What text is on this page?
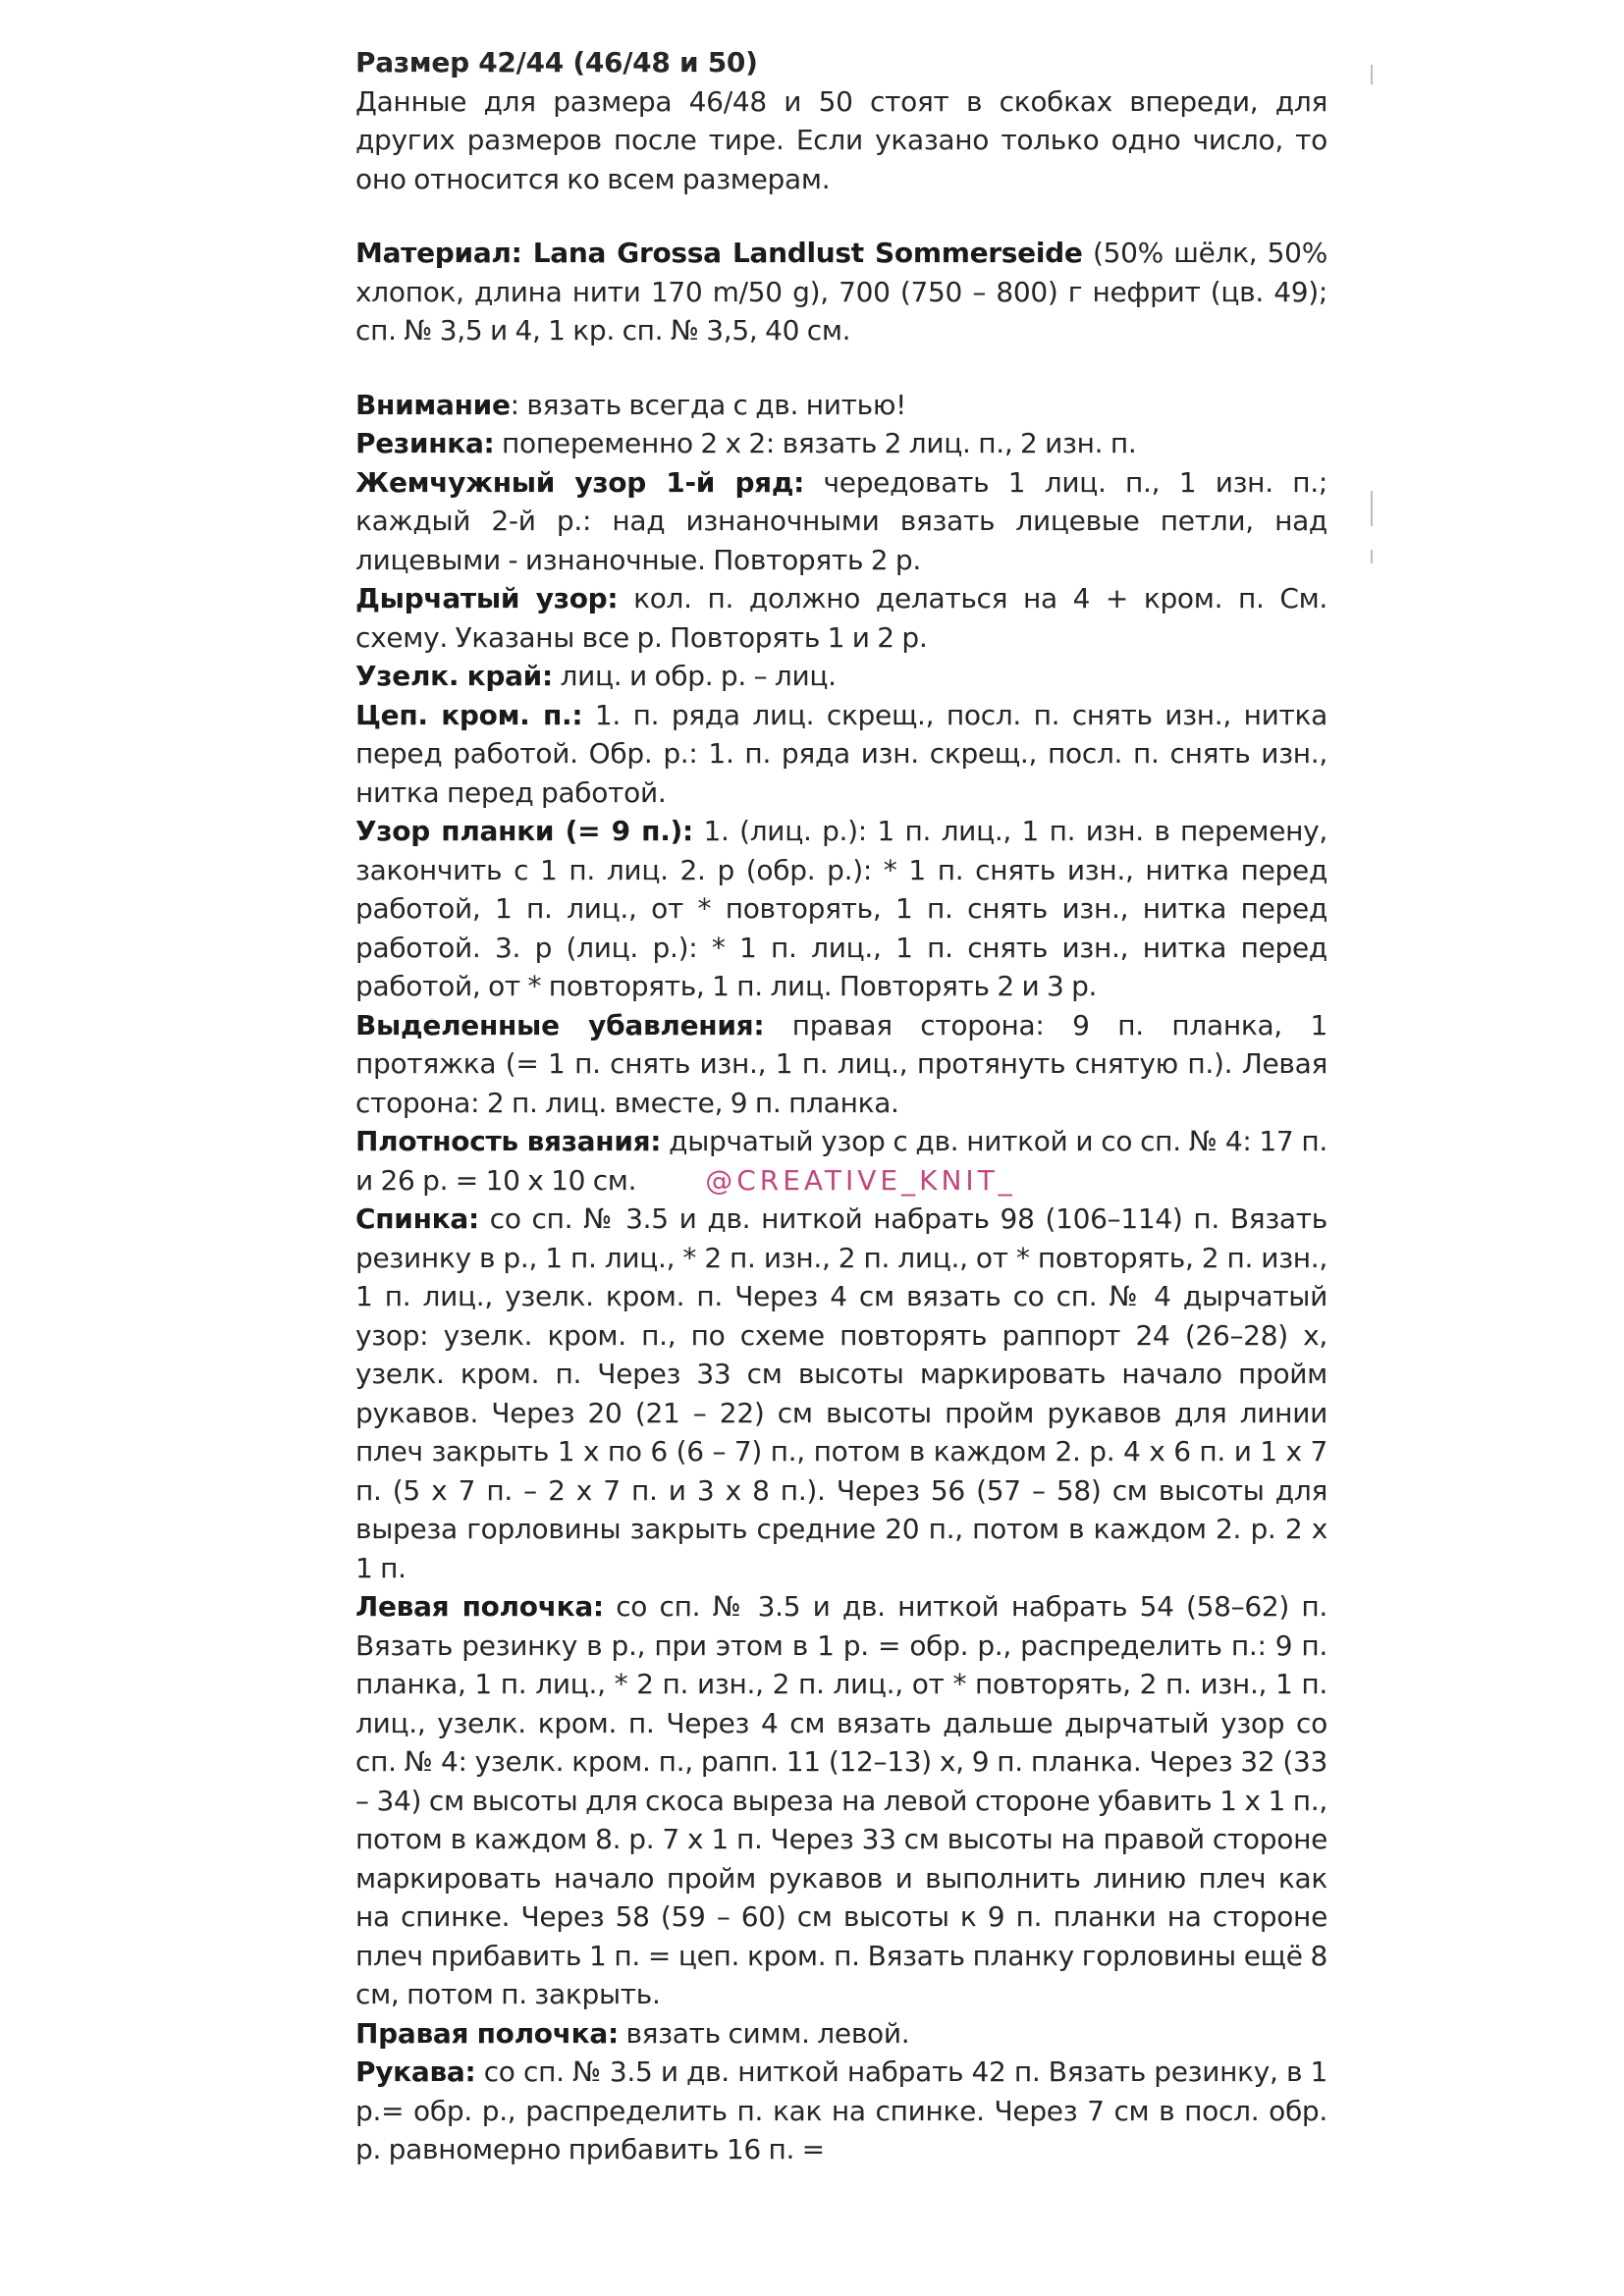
Размер 42/44 (46/48 и 50)

Данные для размера 46/48 и 50 стоят в скобках впереди, для других размеров после тире. Если указано только одно число, то оно относится ко всем размерам.

Материал: Lana Grossa Landlust Sommerseide (50% шёлк, 50% хлопок, длина нити 170 m/50 g), 700 (750 – 800) г нефрит (цв. 49); сп. № 3,5 и 4, 1 кр. сп. № 3,5, 40 см.

Внимание: вязать всегда с дв. нитью!

Резинка: попеременно 2 x 2: вязать 2 лиц. п., 2 изн. п.

Жемчужный узор 1-й ряд: чередовать 1 лиц. п., 1 изн. п.; каждый 2-й р.: над изнаночными вязать лицевые петли, над лицевыми - изнаночные. Повторять 2 р.

Дырчатый узор: кол. п. должно делаться на 4 + кром. п. См. схему. Указаны все р. Повторять 1 и 2 р.

Узелк. край: лиц. и обр. р. – лиц.

Цеп. кром. п.: 1. п. ряда лиц. скрещ., посл. п. снять изн., нитка перед работой. Обр. р.: 1. п. ряда изн. скрещ., посл. п. снять изн., нитка перед работой.

Узор планки (= 9 п.): 1. (лиц. р.): 1 п. лиц., 1 п. изн. в перемену, закончить с 1 п. лиц. 2. р (обр. р.): * 1 п. снять изн., нитка перед работой, 1 п. лиц., от * повторять, 1 п. снять изн., нитка перед работой. 3. р (лиц. р.): * 1 п. лиц., 1 п. снять изн., нитка перед работой, от * повторять, 1 п. лиц. Повторять 2 и 3 р.

Выделенные убавления: правая сторона: 9 п. планка, 1 протяжка (= 1 п. снять изн., 1 п. лиц., протянуть снятую п.). Левая сторона: 2 п. лиц. вместе, 9 п. планка.

Плотность вязания: дырчатый узор с дв. ниткой и со сп. № 4: 17 п. и 26 р. = 10 x 10 см.	@CREATIVE_KNIT_

Спинка: со сп. № 3.5 и дв. ниткой набрать 98 (106–114) п. Вязать резинку в р., 1 п. лиц., * 2 п. изн., 2 п. лиц., от * повторять, 2 п. изн., 1 п. лиц., узелк. кром. п. Через 4 см вязать со сп. № 4 дырчатый узор: узелк. кром. п., по схеме повторять раппорт 24 (26–28) x, узелк. кром. п. Через 33 см высоты маркировать начало пройм рукавов. Через 20 (21 – 22) см высоты пройм рукавов для линии плеч закрыть 1 x по 6 (6 – 7) п., потом в каждом 2. р. 4 x 6 п. и 1 x 7 п. (5 x 7 п. – 2 x 7 п. и 3 x 8 п.). Через 56 (57 – 58) см высоты для выреза горловины закрыть средние 20 п., потом в каждом 2. р. 2 x 1 п.

Левая полочка: со сп. № 3.5 и дв. ниткой набрать 54 (58–62) п. Вязать резинку в р., при этом в 1 р. = обр. р., распределить п.: 9 п. планка, 1 п. лиц., * 2 п. изн., 2 п. лиц., от * повторять, 2 п. изн., 1 п. лиц., узелк. кром. п. Через 4 см вязать дальше дырчатый узор со сп. № 4: узелк. кром. п., рапп. 11 (12–13) x, 9 п. планка. Через 32 (33 – 34) см высоты для скоса выреза на левой стороне убавить 1 x 1 п., потом в каждом 8. р. 7 x 1 п. Через 33 см высоты на правой стороне маркировать начало пройм рукавов и выполнить линию плеч как на спинке. Через 58 (59 – 60) см высоты к 9 п. планки на стороне плеч прибавить 1 п. = цеп. кром. п. Вязать планку горловины ещё 8 см, потом п. закрыть.

Правая полочка: вязать симм. левой.

Рукава: со сп. № 3.5 и дв. ниткой набрать 42 п. Вязать резинку, в 1 р.= обр. р., распределить п. как на спинке. Через 7 см в посл. обр. р. равномерно прибавить 16 п. =
